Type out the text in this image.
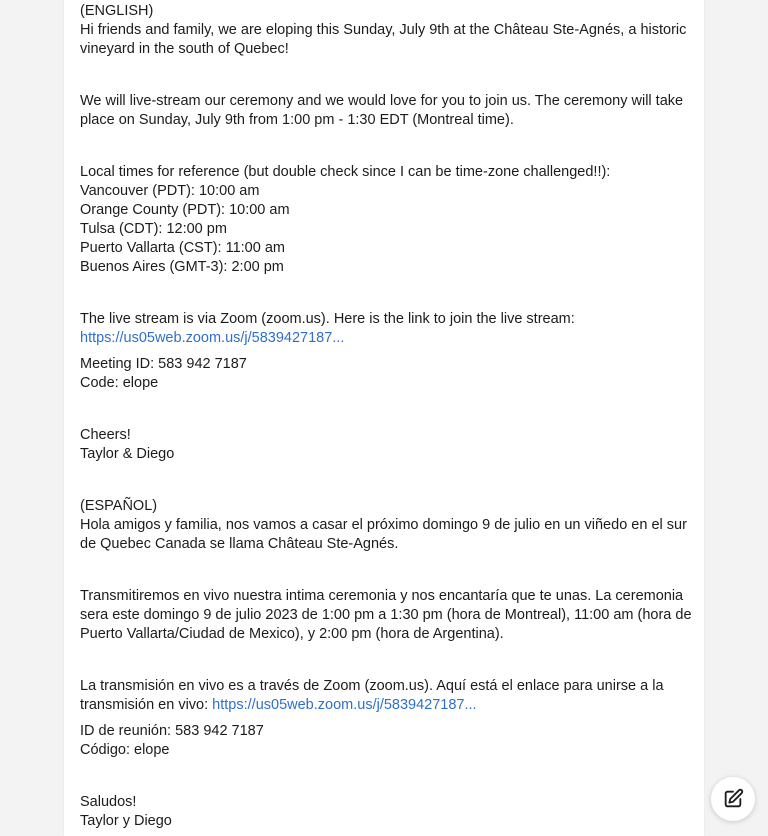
(ENGLISH)

Hi friends and family, we are eloping this Sunday, July 9th at the Château Ste-Agnés, a historic vineyard in the south of Quebec!

We will live-stream our ceremony and we would love for you to join us. The ceremony will take place on Sunday, July 9th from 1:00 pm - 1:30 EDT (Montreal time).

Local times for reference (but double check since I can be time-zone challenged!!):

Vancouver (PDT): 10:00 am

Orange County (PDT): 10:00 am

Tulsa (CDT): 12:00 pm

Puerto Vallarta (CST): 11:00 am

Buenos Aires (GMT-3): 2:00 pm

The live stream is via Zoom (zoom.us). Here is the link to join the live stream:

https://us05web.zoom.us/j/5839427187...

Meeting ID: 583 942 7187

Code: elope

Cheers!

Taylor & Diego

(ESPAÑOL)

Hola amigos y familia, nos vamos a casar el próximo domingo 9 de julio en un viñedo en el sur de Quebec Canada se llama Château Ste-Agnés.

Transmitiremos en vivo nuestra intima ceremonia y nos encantaría que te unas. La ceremonia sera este domingo 9 de julio 2023 de 1:00 pm a 1:30 pm (hora de Montreal), 11:00 am (hora de Puerto Vallarta/Ciudad de Mexico), y 2:00 pm (hora de Argentina).

La transmisión en vivo es a través de Zoom (zoom.us). Aquí está el enlace para unirse a la transmisión en vivo: https://us05web.zoom.us/j/5839427187...

ID de reunión: 583 942 7187

Código: elope

Saludos!

Taylor y Diego
